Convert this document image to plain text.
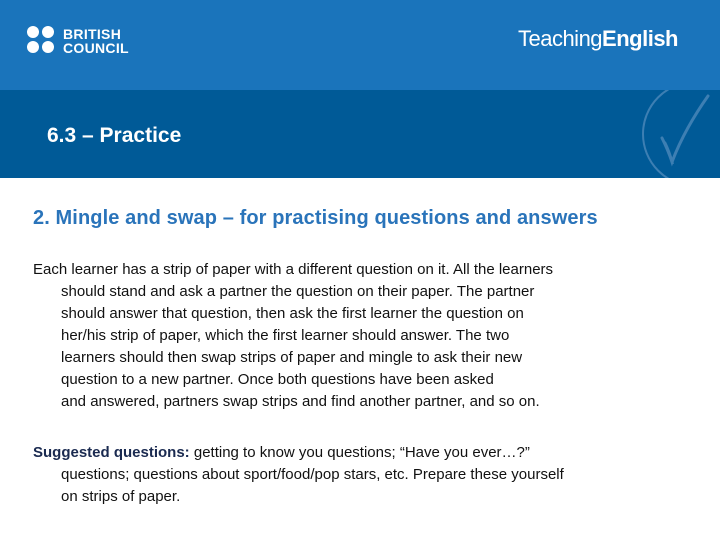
BRITISH
COUNCIL	TeachingEnglish
6.3 – Practice
2. Mingle and swap – for practising questions and answers
Each learner has a strip of paper with a different question on it. All the learners
should stand and ask a partner the question on their paper. The partner
should answer that question, then ask the first learner the question on
her/his strip of paper, which the first learner should answer. The two
learners should then swap strips of paper and mingle to ask their new
question to a new partner. Once both questions have been asked
and answered, partners swap strips and find another partner, and so on.
Suggested questions: getting to know you questions; “Have you ever…?”
questions; questions about sport/food/pop stars, etc. Prepare these yourself
on strips of paper.
